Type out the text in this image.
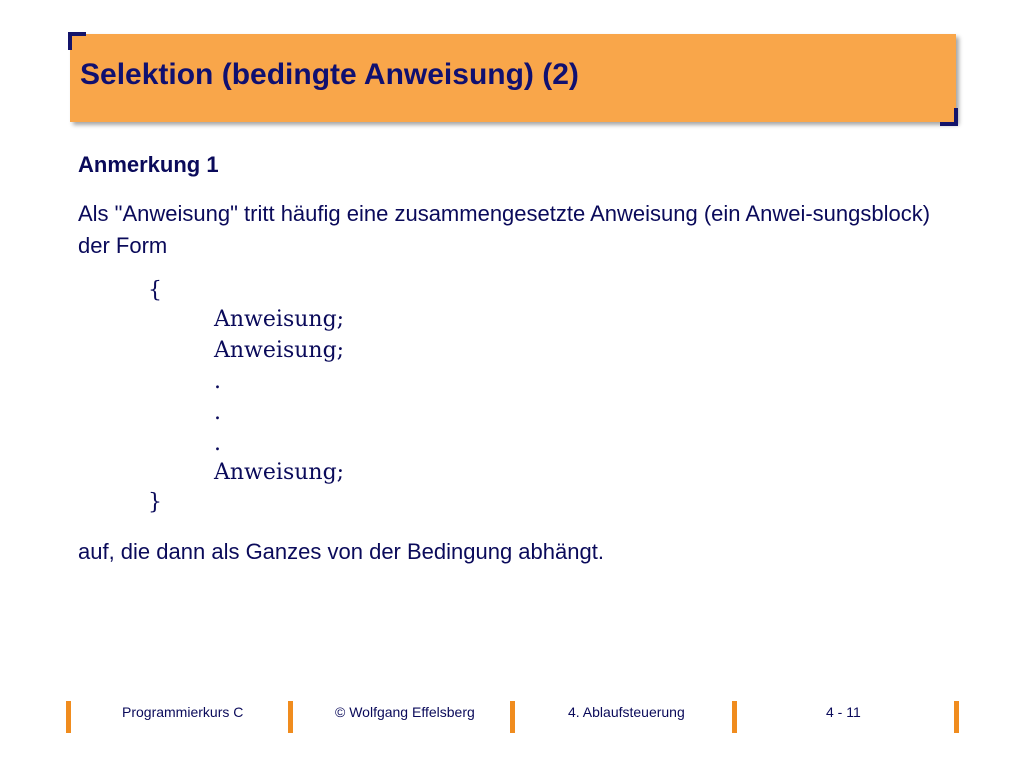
Selektion (bedingte Anweisung) (2)
Anmerkung 1
Als "Anweisung" tritt häufig eine zusammengesetzte Anweisung (ein Anwei-sungsblock) der Form
{
Anweisung;
Anweisung;
.
.
.
Anweisung;
}
auf, die dann als Ganzes von der Bedingung abhängt.
Programmierkurs C	© Wolfgang Effelsberg	4. Ablaufsteuerung	4 - 11
